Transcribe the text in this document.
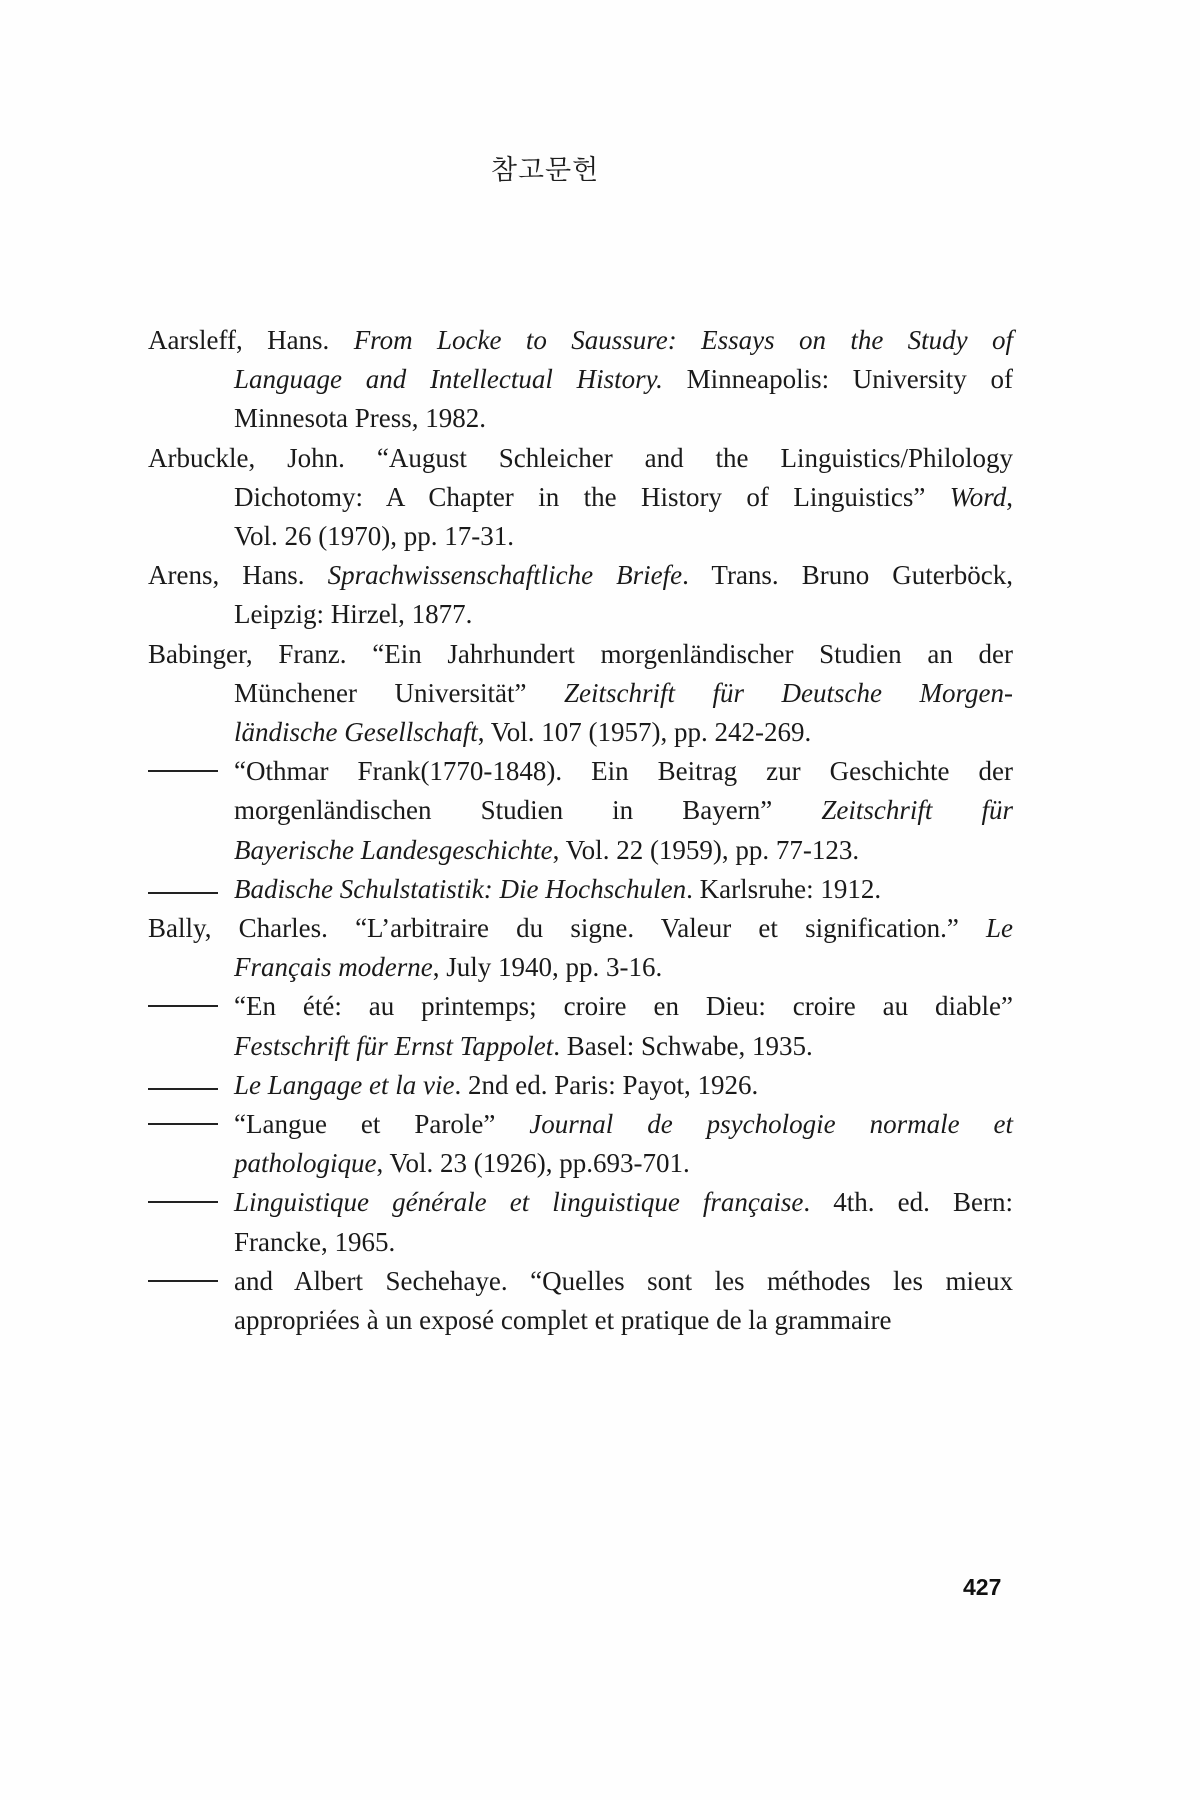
참고문헌
Aarsleff, Hans. From Locke to Saussure: Essays on the Study of
Language and Intellectual History. Minneapolis: University of
Minnesota Press, 1982.
Arbuckle, John. “August Schleicher and the Linguistics/Philology
Dichotomy: A Chapter in the History of Linguistics” Word,
Vol. 26 (1970), pp. 17-31.
Arens, Hans. Sprachwissenschaftliche Briefe. Trans. Bruno Guterböck,
Leipzig: Hirzel, 1877.
Babinger, Franz. “Ein Jahrhundert morgenländischer Studien an der
Münchener Universität” Zeitschrift für Deutsche Morgen-
ländische Gesellschaft, Vol. 107 (1957), pp. 242-269.
“Othmar Frank(1770-1848). Ein Beitrag zur Geschichte der
morgenländischen Studien in Bayern” Zeitschrift für
Bayerische Landesgeschichte, Vol. 22 (1959), pp. 77-123.
Badische Schulstatistik: Die Hochschulen. Karlsruhe: 1912.
Bally, Charles. “L’arbitraire du signe. Valeur et signification.” Le
Français moderne, July 1940, pp. 3-16.
“En été: au printemps; croire en Dieu: croire au diable”
Festschrift für Ernst Tappolet. Basel: Schwabe, 1935.
Le Langage et la vie. 2nd ed. Paris: Payot, 1926.
“Langue et Parole” Journal de psychologie normale et
pathologique, Vol. 23 (1926), pp.693-701.
Linguistique générale et linguistique française. 4th. ed. Bern:
Francke, 1965.
and Albert Sechehaye. “Quelles sont les méthodes les mieux
appropriées à un exposé complet et pratique de la grammaire
427
